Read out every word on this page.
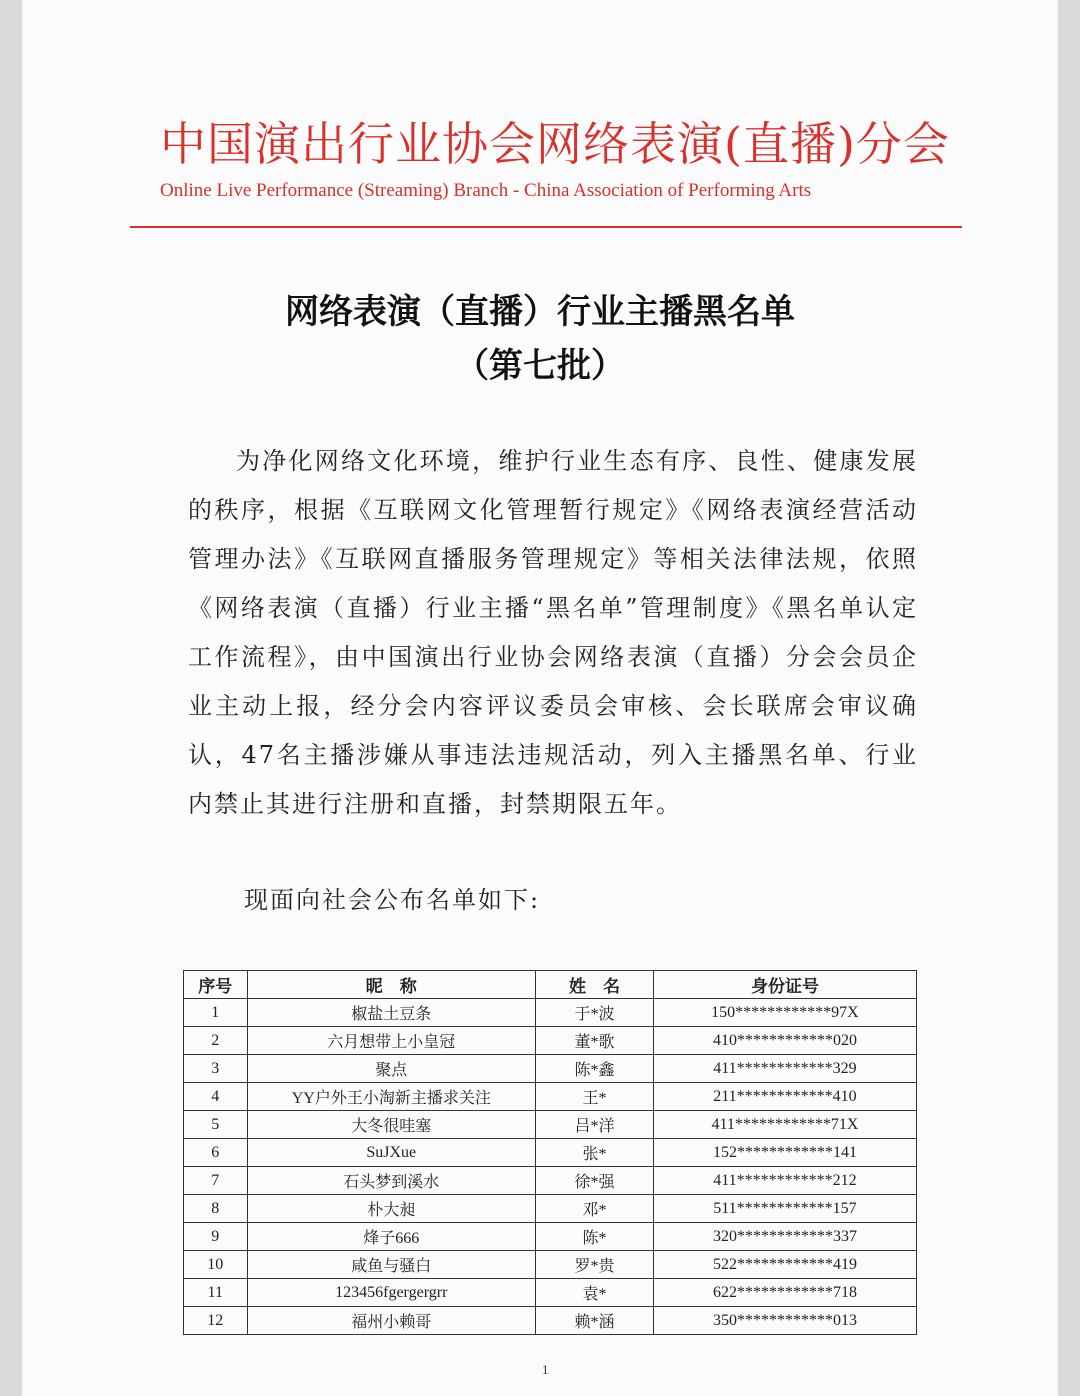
中国演出行业协会网络表演(直播)分会
Online Live Performance (Streaming) Branch - China Association of Performing Arts
网络表演（直播）行业主播黑名单
（第七批）
为净化网络文化环境，维护行业生态有序、良性、健康发展的秩序，根据《互联网文化管理暂行规定》《网络表演经营活动管理办法》《互联网直播服务管理规定》等相关法律法规，依照《网络表演（直播）行业主播“黑名单”管理制度》《黑名单认定工作流程》，由中国演出行业协会网络表演（直播）分会会员企业主动上报，经分会内容评议委员会审核、会长联席会审议确认，47名主播涉嫌从事违法违规活动，列入主播黑名单、行业内禁止其进行注册和直播，封禁期限五年。
现面向社会公布名单如下:
序号	昵　称	姓　名	身份证号
1	椒盐土豆条	于*波	150************97X
2	六月想带上小皇冠	董*歌	410************020
3	聚点	陈*鑫	411************329
4	YY户外王小淘新主播求关注	王*	211************410
5	大冬很哇塞	吕*洋	411************71X
6	SuJXue	张*	152************141
7	石头梦到溪水	徐*强	411************212
8	朴大昶	邓*	511************157
9	烽子666	陈*	320************337
10	咸鱼与骚白	罗*贵	522************419
11	123456fgergergrr	袁*	622************718
12	福州小赖哥	赖*涵	350************013
1
